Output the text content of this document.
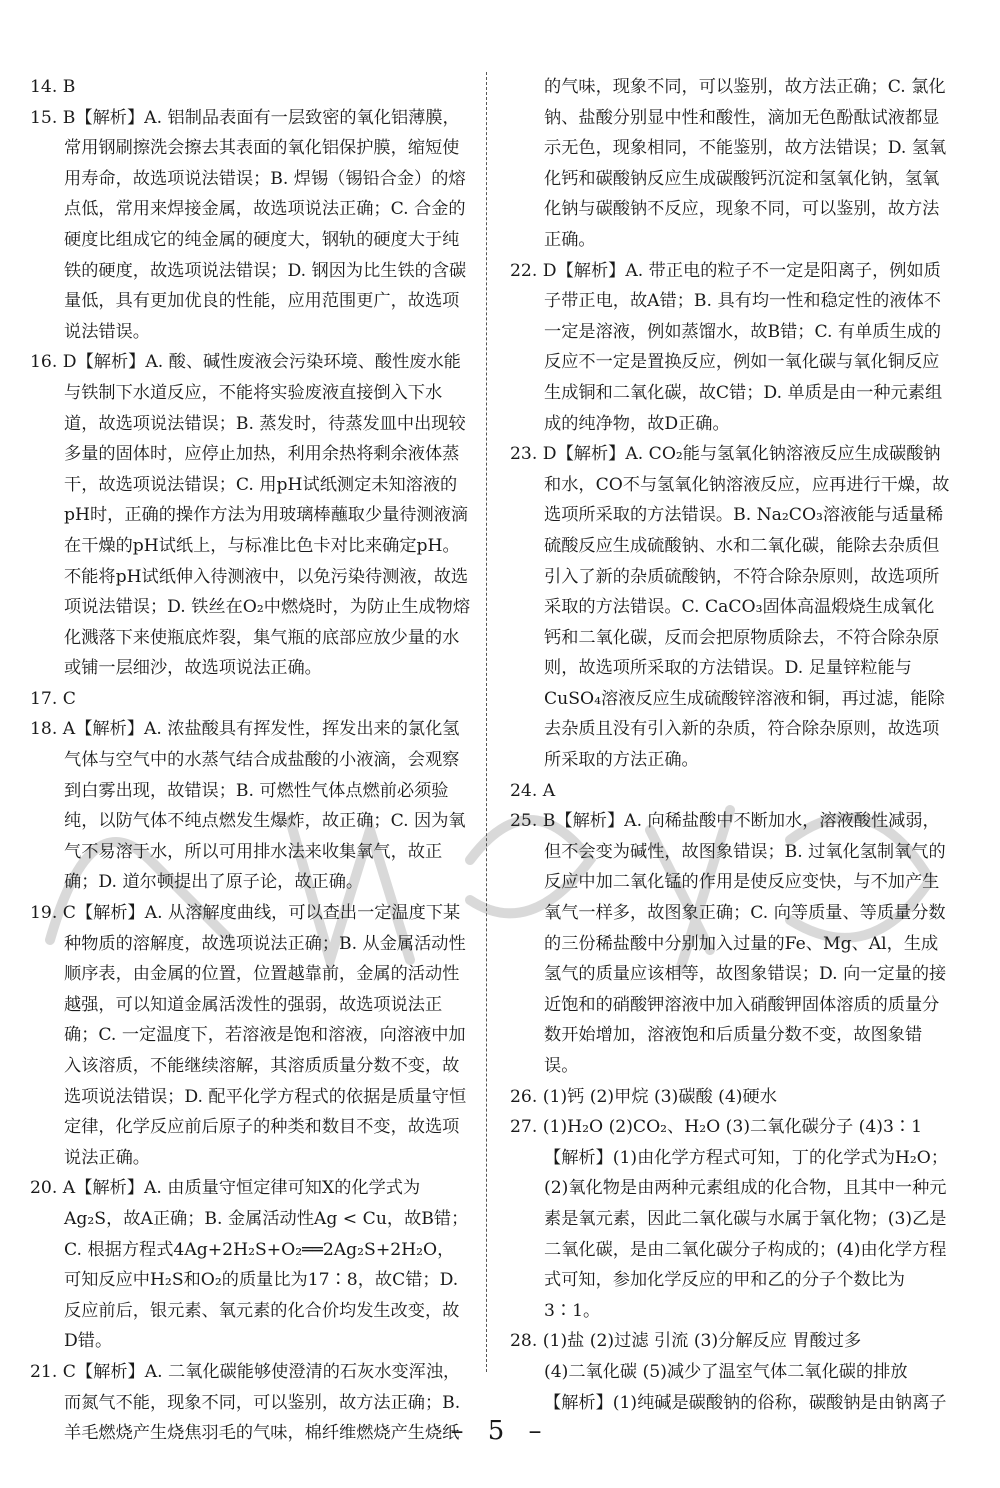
14. B

15. B【解析】A. 铝制品表面有一层致密的氧化铝薄膜，常用钢刷擦洗会擦去其表面的氧化铝保护膜，缩短使用寿命，故选项说法错误；B. 焊锡（锡铅合金）的熔点低，常用来焊接金属，故选项说法正确；C. 合金的硬度比组成它的纯金属的硬度大，钢轨的硬度大于纯铁的硬度，故选项说法错误；D. 钢因为比生铁的含碳量低，具有更加优良的性能，应用范围更广，故选项说法错误。

16. D【解析】A. 酸、碱性废液会污染环境、酸性废水能与铁制下水道反应，不能将实验废液直接倒入下水道，故选项说法错误；B. 蒸发时，待蒸发皿中出现较多量的固体时，应停止加热，利用余热将剩余液体蒸干，故选项说法错误；C. 用pH试纸测定未知溶液的pH时，正确的操作方法为用玻璃棒蘸取少量待测液滴在干燥的pH试纸上，与标准比色卡对比来确定pH。不能将pH试纸伸入待测液中，以免污染待测液，故选项说法错误；D. 铁丝在O₂中燃烧时，为防止生成物熔化溅落下来使瓶底炸裂，集气瓶的底部应放少量的水或铺一层细沙，故选项说法正确。

17. C

18. A【解析】A. 浓盐酸具有挥发性，挥发出来的氯化氢气体与空气中的水蒸气结合成盐酸的小液滴，会观察到白雾出现，故错误；B. 可燃性气体点燃前必须验纯，以防气体不纯点燃发生爆炸，故正确；C. 因为氧气不易溶于水，所以可用排水法来收集氧气，故正确；D. 道尔顿提出了原子论，故正确。

19. C【解析】A. 从溶解度曲线，可以查出一定温度下某种物质的溶解度，故选项说法正确；B. 从金属活动性顺序表，由金属的位置，位置越靠前，金属的活动性越强，可以知道金属活泼性的强弱，故选项说法正确；C. 一定温度下，若溶液是饱和溶液，向溶液中加入该溶质，不能继续溶解，其溶质质量分数不变，故选项说法错误；D. 配平化学方程式的依据是质量守恒定律，化学反应前后原子的种类和数目不变，故选项说法正确。

20. A【解析】A. 由质量守恒定律可知X的化学式为Ag₂S，故A正确；B. 金属活动性Ag < Cu，故B错；C. 根据方程式4Ag+2H₂S+O₂══2Ag₂S+2H₂O，可知反应中H₂S和O₂的质量比为17∶8，故C错；D. 反应前后，银元素、氧元素的化合价均发生改变，故D错。

21. C【解析】A. 二氧化碳能够使澄清的石灰水变浑浊，而氮气不能，现象不同，可以鉴别，故方法正确；B. 羊毛燃烧产生烧焦羽毛的气味，棉纤维燃烧产生烧纸

的气味，现象不同，可以鉴别，故方法正确；C. 氯化钠、盐酸分别显中性和酸性，滴加无色酚酞试液都显示无色，现象相同，不能鉴别，故方法错误；D. 氢氧化钙和碳酸钠反应生成碳酸钙沉淀和氢氧化钠，氢氧化钠与碳酸钠不反应，现象不同，可以鉴别，故方法正确。

22. D【解析】A. 带正电的粒子不一定是阳离子，例如质子带正电，故A错；B. 具有均一性和稳定性的液体不一定是溶液，例如蒸馏水，故B错；C. 有单质生成的反应不一定是置换反应，例如一氧化碳与氧化铜反应生成铜和二氧化碳，故C错；D. 单质是由一种元素组成的纯净物，故D正确。

23. D【解析】A. CO₂能与氢氧化钠溶液反应生成碳酸钠和水，CO不与氢氧化钠溶液反应，应再进行干燥，故选项所采取的方法错误。B. Na₂CO₃溶液能与适量稀硫酸反应生成硫酸钠、水和二氧化碳，能除去杂质但引入了新的杂质硫酸钠，不符合除杂原则，故选项所采取的方法错误。C. CaCO₃固体高温煅烧生成氧化钙和二氧化碳，反而会把原物质除去，不符合除杂原则，故选项所采取的方法错误。D. 足量锌粒能与CuSO₄溶液反应生成硫酸锌溶液和铜，再过滤，能除去杂质且没有引入新的杂质，符合除杂原则，故选项所采取的方法正确。

24. A

25. B【解析】A. 向稀盐酸中不断加水，溶液酸性减弱，但不会变为碱性，故图象错误；B. 过氧化氢制氧气的反应中加二氧化锰的作用是使反应变快，与不加产生氧气一样多，故图象正确；C. 向等质量、等质量分数的三份稀盐酸中分别加入过量的Fe、Mg、Al，生成氢气的质量应该相等，故图象错误；D. 向一定量的接近饱和的硝酸钾溶液中加入硝酸钾固体溶质的质量分数开始增加，溶液饱和后质量分数不变，故图象错误。

26. (1)钙 (2)甲烷 (3)碳酸 (4)硬水

27. (1)H₂O (2)CO₂、H₂O (3)二氧化碳分子 (4)3∶1

【解析】(1)由化学方程式可知，丁的化学式为H₂O；(2)氧化物是由两种元素组成的化合物，且其中一种元素是氧元素，因此二氧化碳与水属于氧化物；(3)乙是二氧化碳，是由二氧化碳分子构成的；(4)由化学方程式可知，参加化学反应的甲和乙的分子个数比为3∶1。

28. (1)盐 (2)过滤 引流 (3)分解反应 胃酸过多

(4)二氧化碳 (5)减少了温室气体二氧化碳的排放

【解析】(1)纯碱是碳酸钠的俗称，碳酸钠是由钠离子

– 5 –
